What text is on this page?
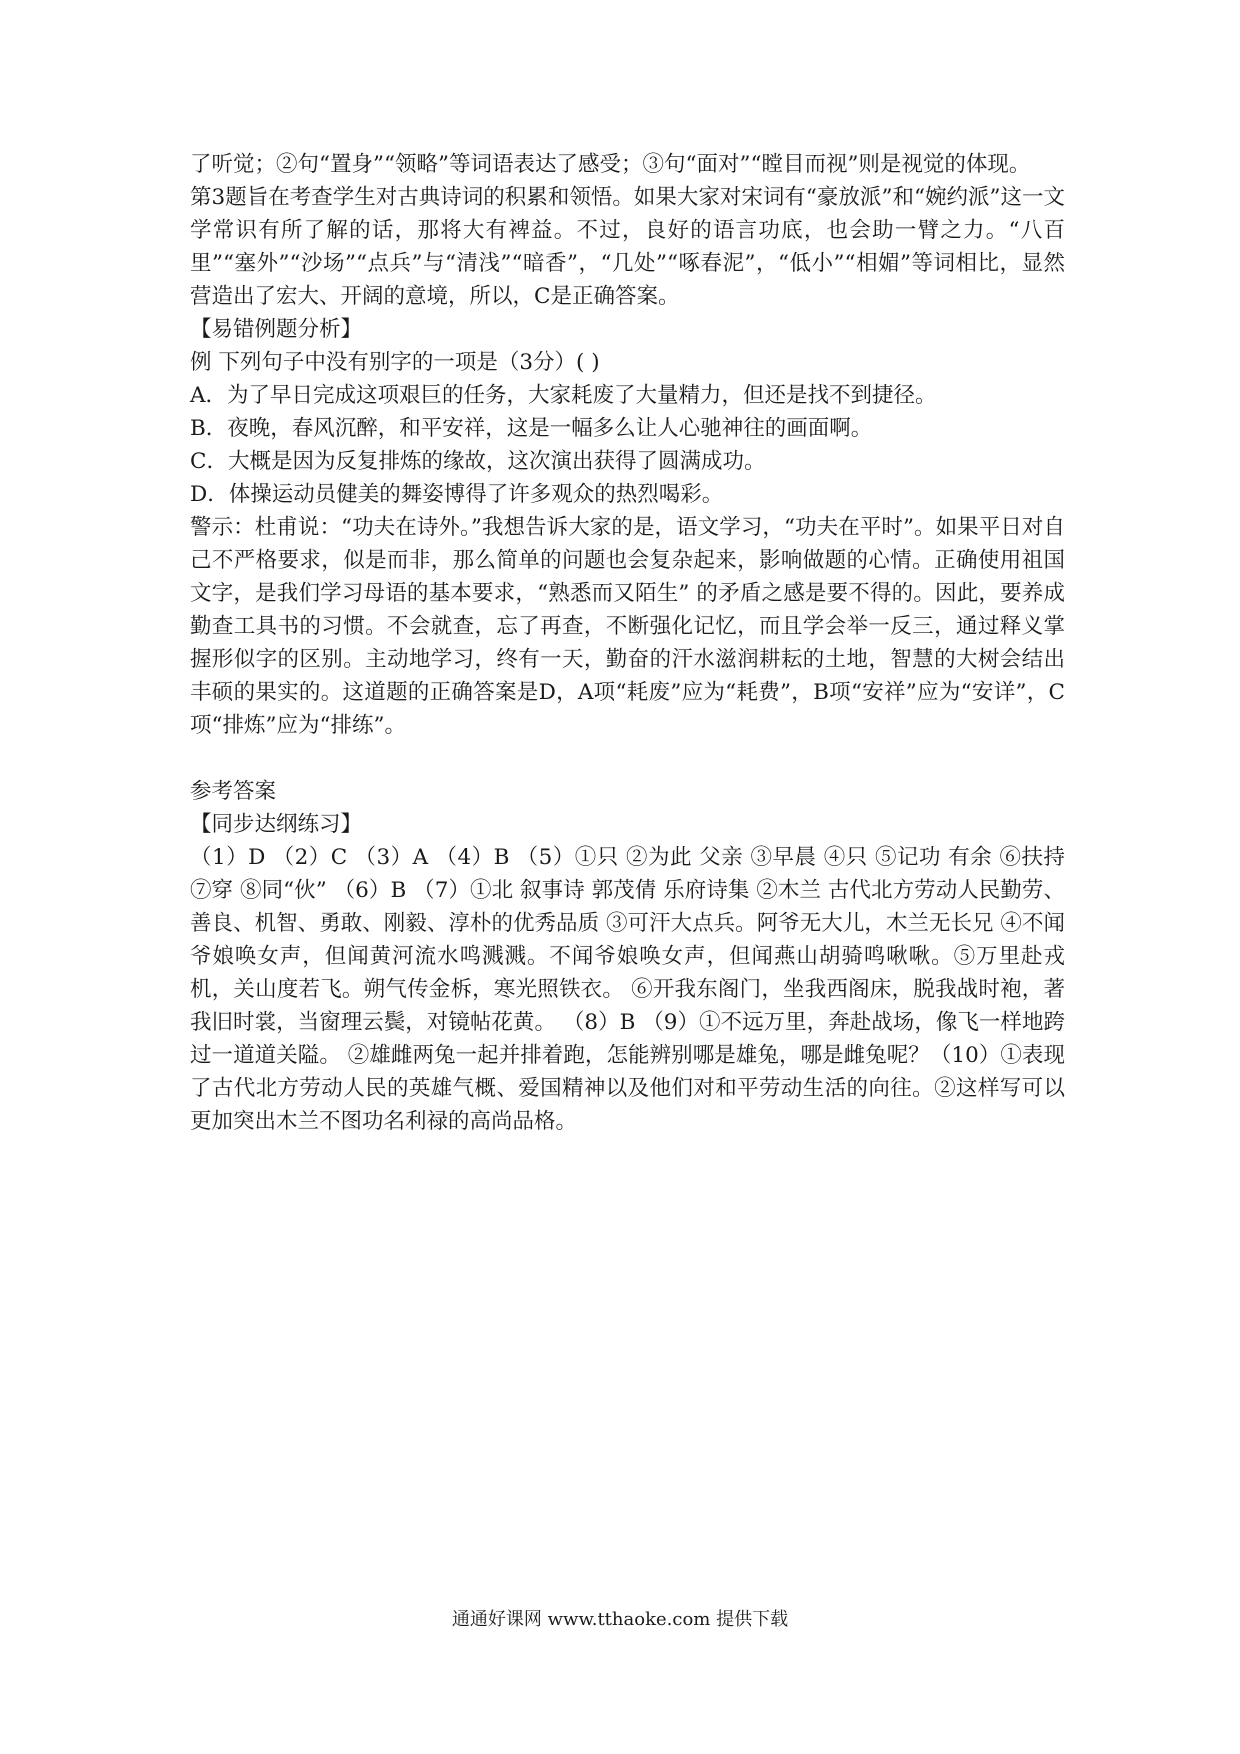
了听觉；②句“置身”“领略”等词语表达了感受；③句“面对”“瞠目而视”则是视觉的体现。

第3题旨在考查学生对古典诗词的积累和领悟。如果大家对宋词有“豪放派”和“婉约派”这一文学常识有所了解的话，那将大有裨益。不过，良好的语言功底，也会助一臂之力。“八百里”“塞外”“沙场”“点兵”与“清浅”“暗香”，“几处”“啄春泥”，“低小”“相媚”等词相比，显然营造出了宏大、开阔的意境，所以，C是正确答案。

【易错例题分析】

例 下列句子中没有别字的一项是（3分）( )

A．为了早日完成这项艰巨的任务，大家耗废了大量精力，但还是找不到捷径。

B．夜晚，春风沉醉，和平安祥，这是一幅多么让人心驰神往的画面啊。

C．大概是因为反复排炼的缘故，这次演出获得了圆满成功。

D．体操运动员健美的舞姿博得了许多观众的热烈喝彩。

警示：杜甫说：“功夫在诗外。”我想告诉大家的是，语文学习，“功夫在平时”。如果平日对自己不严格要求，似是而非，那么简单的问题也会复杂起来，影响做题的心情。正确使用祖国文字，是我们学习母语的基本要求，“熟悉而又陌生” 的矛盾之感是要不得的。因此，要养成勤查工具书的习惯。不会就查，忘了再查，不断强化记忆，而且学会举一反三，通过释义掌握形似字的区别。主动地学习，终有一天，勤奋的汗水滋润耕耘的土地，智慧的大树会结出丰硕的果实的。这道题的正确答案是D，A项“耗废”应为“耗费”，B项“安祥”应为“安详”，C项“排炼”应为“排练”。

参考答案

【同步达纲练习】

（1）D （2）C （3）A （4）B （5）①只 ②为此 父亲 ③早晨 ④只 ⑤记功 有余 ⑥扶持 ⑦穿 ⑧同“伙” （6）B （7）①北 叙事诗 郭茂倩 乐府诗集 ②木兰 古代北方劳动人民勤劳、善良、机智、勇敢、刚毅、淳朴的优秀品质 ③可汗大点兵。阿爷无大儿，木兰无长兄 ④不闻爷娘唤女声，但闻黄河流水鸣溅溅。不闻爷娘唤女声，但闻燕山胡骑鸣啾啾。⑤万里赴戎机，关山度若飞。朔气传金柝，寒光照铁衣。 ⑥开我东阁门，坐我西阁床，脱我战时袍，著我旧时裳，当窗理云鬓，对镜帖花黄。 （8）B （9）①不远万里，奔赴战场，像飞一样地跨过一道道关隘。 ②雄雌两兔一起并排着跑，怎能辨别哪是雄兔，哪是雌兔呢？（10）①表现了古代北方劳动人民的英雄气概、爱国精神以及他们对和平劳动生活的向往。②这样写可以更加突出木兰不图功名利禄的高尚品格。

通通好课网 www.tthaoke.com 提供下载
